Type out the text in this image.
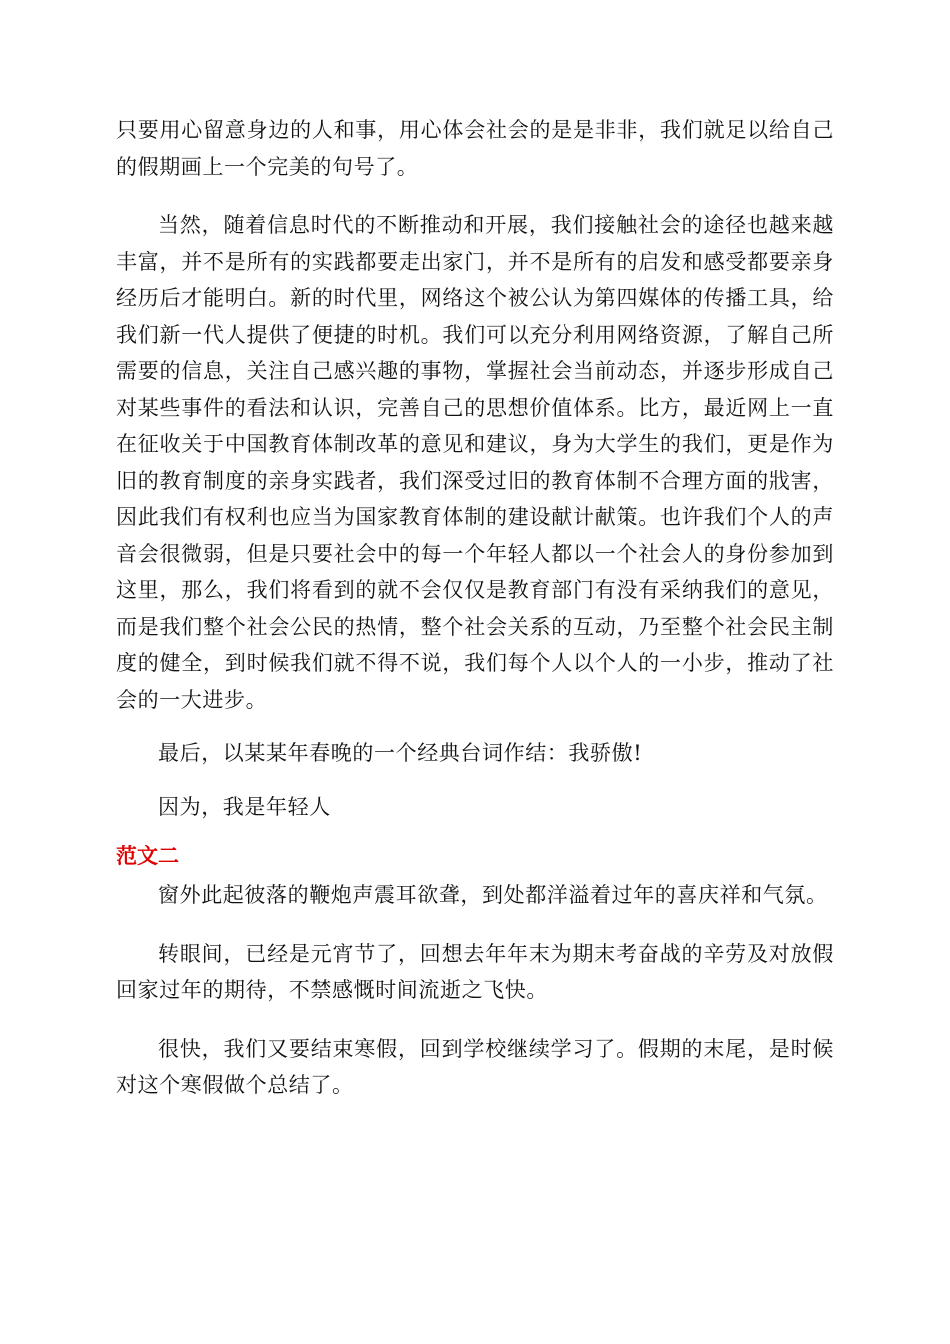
只要用心留意身边的人和事，用心体会社会的是是非非，我们就足以给自己的假期画上一个完美的句号了。

当然，随着信息时代的不断推动和开展，我们接触社会的途径也越来越丰富，并不是所有的实践都要走出家门，并不是所有的启发和感受都要亲身经历后才能明白。新的时代里，网络这个被公认为第四媒体的传播工具，给我们新一代人提供了便捷的时机。我们可以充分利用网络资源，了解自己所需要的信息，关注自己感兴趣的事物，掌握社会当前动态，并逐步形成自己对某些事件的看法和认识，完善自己的思想价值体系。比方，最近网上一直在征收关于中国教育体制改革的意见和建议，身为大学生的我们，更是作为旧的教育制度的亲身实践者，我们深受过旧的教育体制不合理方面的戕害，因此我们有权利也应当为国家教育体制的建设献计献策。也许我们个人的声音会很微弱，但是只要社会中的每一个年轻人都以一个社会人的身份参加到这里，那么，我们将看到的就不会仅仅是教育部门有没有采纳我们的意见，而是我们整个社会公民的热情，整个社会关系的互动，乃至整个社会民主制度的健全，到时候我们就不得不说，我们每个人以个人的一小步，推动了社会的一大进步。

最后，以某某年春晚的一个经典台词作结：我骄傲!

因为，我是年轻人

范文二

窗外此起彼落的鞭炮声震耳欲聋，到处都洋溢着过年的喜庆祥和气氛。

转眼间，已经是元宵节了，回想去年年末为期末考奋战的辛劳及对放假回家过年的期待，不禁感慨时间流逝之飞快。

很快，我们又要结束寒假，回到学校继续学习了。假期的末尾，是时候对这个寒假做个总结了。
